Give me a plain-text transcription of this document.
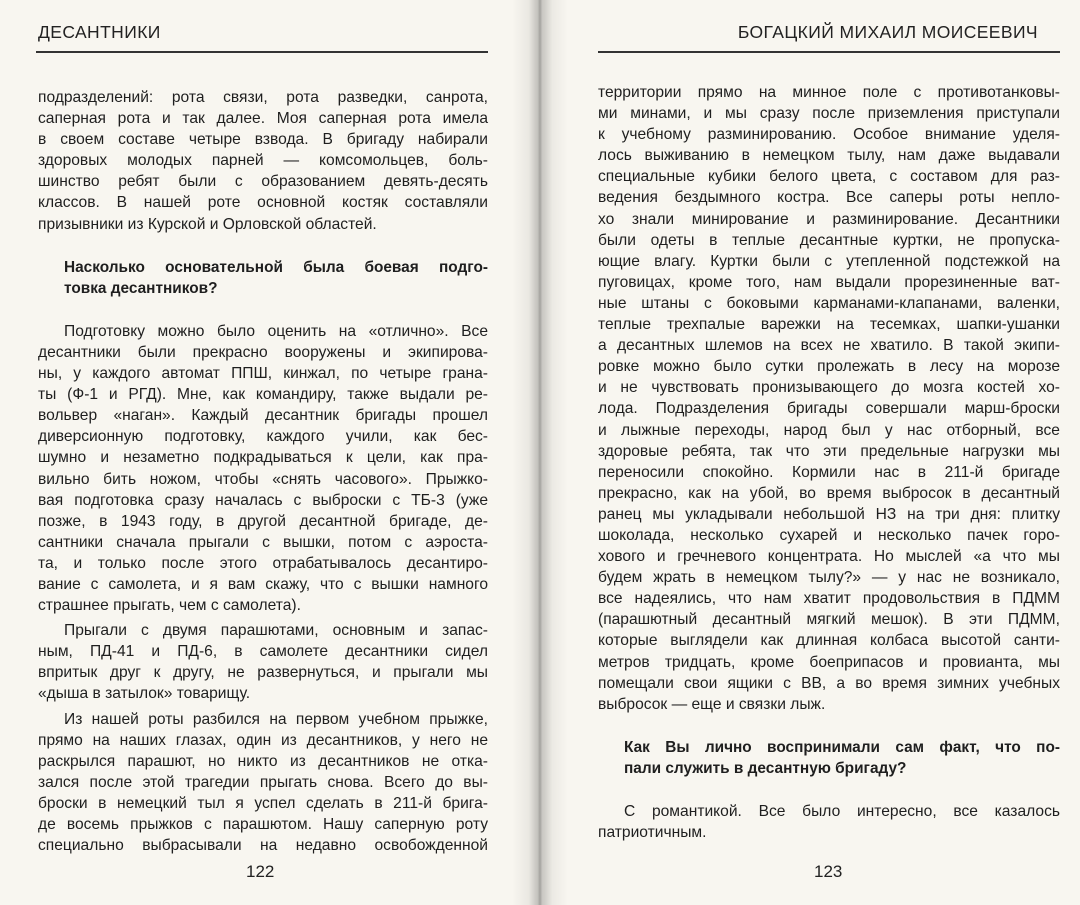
ДЕСАНТНИКИ
подразделений: рота связи, рота разведки, санрота,
саперная рота и так далее. Моя саперная рота имела
в своем составе четыре взвода. В бригаду набирали
здоровых молодых парней — комсомольцев, боль-
шинство ребят были с образованием девять-десять
классов. В нашей роте основной костяк составляли
призывники из Курской и Орловской областей.
Насколько основательной была боевая подго-
товка десантников?
Подготовку можно было оценить на «отлично». Все
десантники были прекрасно вооружены и экипирова-
ны, у каждого автомат ППШ, кинжал, по четыре грана-
ты (Ф-1 и РГД). Мне, как командиру, также выдали ре-
вольвер «наган». Каждый десантник бригады прошел
диверсионную подготовку, каждого учили, как бес-
шумно и незаметно подкрадываться к цели, как пра-
вильно бить ножом, чтобы «снять часового». Прыжко-
вая подготовка сразу началась с выброски с ТБ-3 (уже
позже, в 1943 году, в другой десантной бригаде, де-
сантники сначала прыгали с вышки, потом с аэроста-
та, и только после этого отрабатывалось десантиро-
вание с самолета, и я вам скажу, что с вышки намного
страшнее прыгать, чем с самолета).
Прыгали с двумя парашютами, основным и запас-
ным, ПД-41 и ПД-6, в самолете десантники сидел
впритык друг к другу, не развернуться, и прыгали мы
«дыша в затылок» товарищу.
Из нашей роты разбился на первом учебном прыжке,
прямо на наших глазах, один из десантников, у него не
раскрылся парашют, но никто из десантников не отка-
зался после этой трагедии прыгать снова. Всего до вы-
броски в немецкий тыл я успел сделать в 211-й брига-
де восемь прыжков с парашютом. Нашу саперную роту
специально выбрасывали на недавно освобожденной
122
БОГАЦКИЙ МИХАИЛ МОИСЕЕВИЧ
территории прямо на минное поле с противотанковы-
ми минами, и мы сразу после приземления приступали
к учебному разминированию. Особое внимание уделя-
лось выживанию в немецком тылу, нам даже выдавали
специальные кубики белого цвета, с составом для раз-
ведения бездымного костра. Все саперы роты непло-
хо знали минирование и разминирование. Десантники
были одеты в теплые десантные куртки, не пропуска-
ющие влагу. Куртки были с утепленной подстежкой на
пуговицах, кроме того, нам выдали прорезиненные ват-
ные штаны с боковыми карманами-клапанами, валенки,
теплые трехпалые варежки на тесемках, шапки-ушанки
а десантных шлемов на всех не хватило. В такой экипи-
ровке можно было сутки пролежать в лесу на морозе
и не чувствовать пронизывающего до мозга костей хо-
лода. Подразделения бригады совершали марш-броски
и лыжные переходы, народ был у нас отборный, все
здоровые ребята, так что эти предельные нагрузки мы
переносили спокойно. Кормили нас в 211-й бригаде
прекрасно, как на убой, во время выбросок в десантный
ранец мы укладывали небольшой НЗ на три дня: плитку
шоколада, несколько сухарей и несколько пачек горо-
хового и гречневого концентрата. Но мыслей «а что мы
будем жрать в немецком тылу?» — у нас не возникало,
все надеялись, что нам хватит продовольствия в ПДММ
(парашютный десантный мягкий мешок). В эти ПДММ,
которые выглядели как длинная колбаса высотой санти-
метров тридцать, кроме боеприпасов и провианта, мы
помещали свои ящики с ВВ, а во время зимних учебных
выбросок — еще и связки лыж.
Как Вы лично воспринимали сам факт, что по-
пали служить в десантную бригаду?
С романтикой. Все было интересно, все казалось
патриотичным.
123
